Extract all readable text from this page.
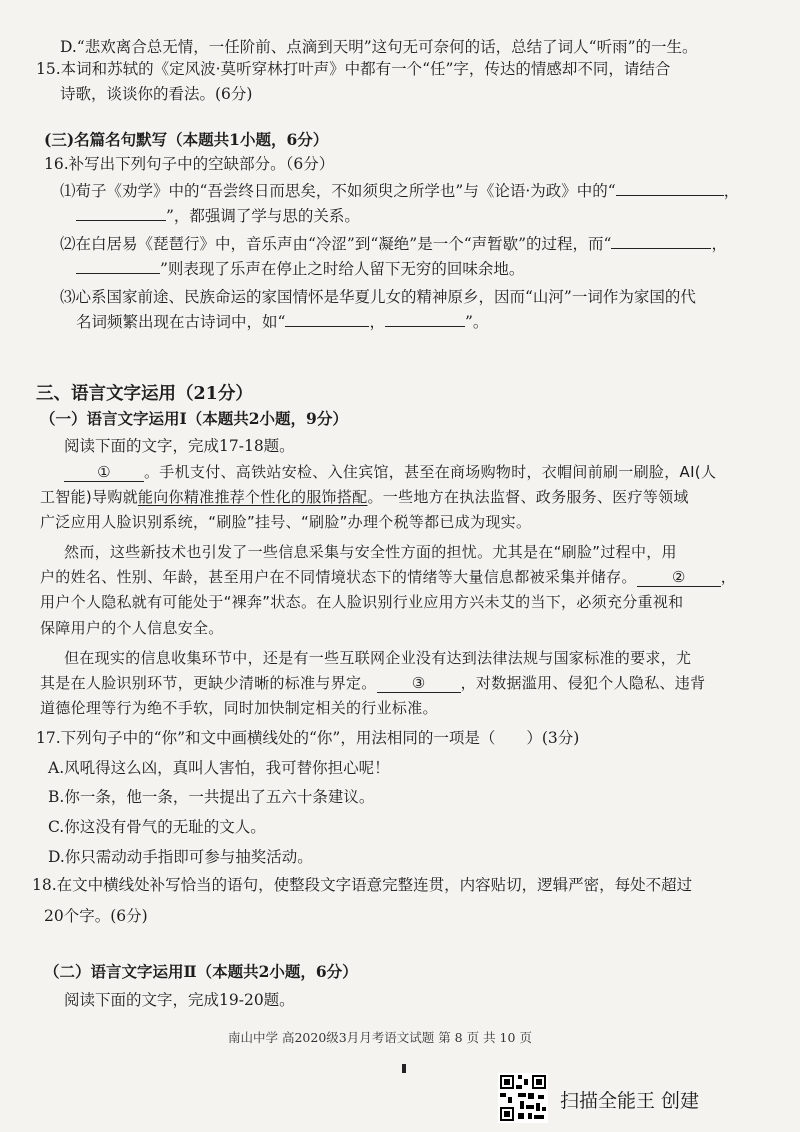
D.“悲欢离合总无情，一任阶前、点滴到天明”这句无可奈何的话，总结了词人“听雨”的一生。
15.本词和苏轼的《定风波·莫听穿林打叶声》中都有一个“任”字，传达的情感却不同，请结合
诗歌，谈谈你的看法。(6分)
(三)名篇名句默写（本题共1小题，6分）
16.补写出下列句子中的空缺部分。（6分）
⑴荀子《劝学》中的“吾尝终日而思矣，不如须臾之所学也”与《论语·为政》中的“	，
”，都强调了学与思的关系。
⑵在白居易《琵琶行》中，音乐声由“冷涩”到“凝绝”是一个“声暂歇”的过程，而“	，
”则表现了乐声在停止之时给人留下无穷的回味余地。
⑶心系国家前途、民族命运的家国情怀是华夏儿女的精神原乡，因而“山河”一词作为家国的代
名词频繁出现在古诗词中，如“	，	”。
三、语言文字运用（21分）
（一）语言文字运用Ⅰ（本题共2小题，9分）
阅读下面的文字，完成17-18题。
① 。手机支付、高铁站安检、入住宾馆，甚至在商场购物时，衣帽间前刷一刷脸，AI(人
工智能)导购就能向你精准推荐个性化的服饰搭配。一些地方在执法监督、政务服务、医疗等领域
广泛应用人脸识别系统，“刷脸”挂号、“刷脸”办理个税等都已成为现实。
然而，这些新技术也引发了一些信息采集与安全性方面的担忧。尤其是在“刷脸”过程中，用
户的姓名、性别、年龄，甚至用户在不同情境状态下的情绪等大量信息都被采集并储存。 ② ，
用户个人隐私就有可能处于“裸奔”状态。在人脸识别行业应用方兴未艾的当下，必须充分重视和
保障用户的个人信息安全。
但在现实的信息收集环节中，还是有一些互联网企业没有达到法律法规与国家标准的要求，尤
其是在人脸识别环节，更缺少清晰的标准与界定。 ③ ，对数据滥用、侵犯个人隐私、违背
道德伦理等行为绝不手软，同时加快制定相关的行业标准。
17.下列句子中的“你”和文中画横线处的“你”，用法相同的一项是（　　）(3分)
A.风吼得这么凶，真叫人害怕，我可替你担心呢！
B.你一条，他一条，一共提出了五六十条建议。
C.你这没有骨气的无耻的文人。
D.你只需动动手指即可参与抽奖活动。
18.在文中横线处补写恰当的语句，使整段文字语意完整连贯，内容贴切，逻辑严密，每处不超过
20个字。(6分)
（二）语言文字运用Ⅱ（本题共2小题，6分）
阅读下面的文字，完成19-20题。
南山中学 高2020级3月月考语文试题 第 8 页 共 10 页
扫描全能王 创建
